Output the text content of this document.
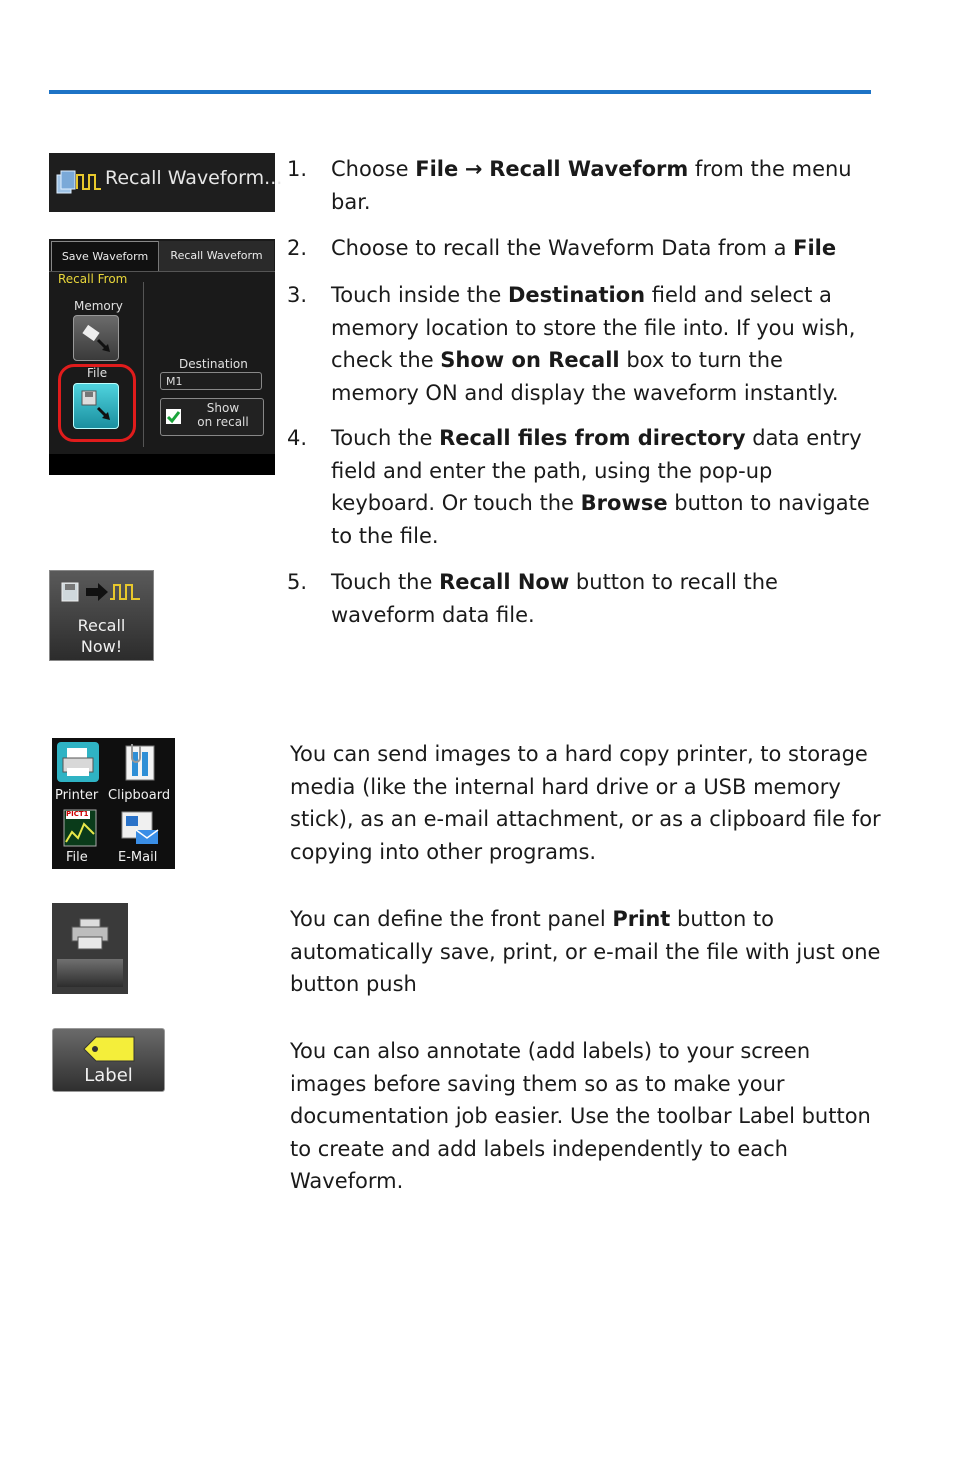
1. Choose File → Recall Waveform from the menu bar.
2. Choose to recall the Waveform Data from a File
3. Touch inside the Destination field and select a memory location to store the file into. If you wish, check the Show on Recall box to turn the memory ON and display the waveform instantly.
4. Touch the Recall files from directory data entry field and enter the path, using the pop-up keyboard. Or touch the Browse button to navigate to the file.
5. Touch the Recall Now button to recall the waveform data file.
You can send images to a hard copy printer, to storage media (like the internal hard drive or a USB memory stick), as an e-mail attachment, or as a clipboard file for copying into other programs.
You can define the front panel Print button to automatically save, print, or e-mail the file with just one button push
You can also annotate (add labels) to your screen images before saving them so as to make your documentation job easier. Use the toolbar Label button to create and add labels independently to each Waveform.
Recall Waveform...
Save Waveform	Recall Waveform
Recall From
Memory
File
Destination
M1
Show
on recall
Recall
Now!
Printer Clipboard
PICT1
File E-Mail
Label
